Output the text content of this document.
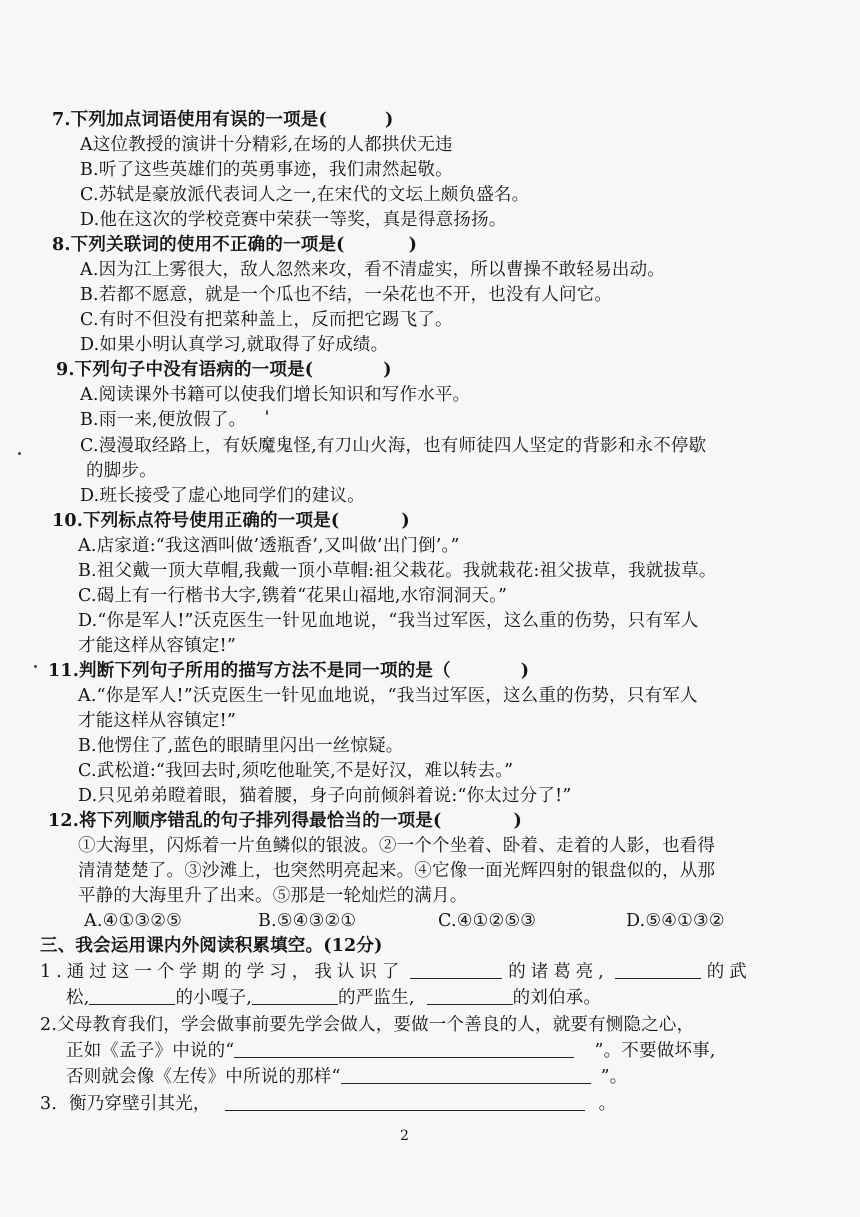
7.下列加点词语使用有误的一项是(	)
A这位教授的演讲十分精彩,在场的人都拱伏无违
B.听了这些英雄们的英勇事迹，我们肃然起敬。
C.苏轼是豪放派代表词人之一,在宋代的文坛上颇负盛名。
D.他在这次的学校竞赛中荣获一等奖，真是得意扬扬。
8.下列关联词的使用不正确的一项是(	)
A.因为江上雾很大，敌人忽然来攻，看不清虚实，所以曹操不敢轻易出动。
B.若都不愿意，就是一个瓜也不结，一朵花也不开，也没有人问它。
C.有时不但没有把菜种盖上，反而把它踢飞了。
D.如果小明认真学习,就取得了好成绩。
9.下列句子中没有语病的一项是(	)
A.阅读课外书籍可以使我们增长知识和写作水平。
B.雨一来,便放假了。
C.漫漫取经路上，有妖魔鬼怪,有刀山火海，也有师徒四人坚定的背影和永不停歇
的脚步。
D.班长接受了虚心地同学们的建议。
10.下列标点符号使用正确的一项是(	)
A.店家道:“我这酒叫做’透瓶香’,又叫做’出门倒’。”
B.祖父戴一顶大草帽,我戴一顶小草帽:祖父栽花。我就栽花:祖父拔草，我就拔草。
C.碣上有一行楷书大字,镌着“花果山福地,水帘洞洞天。”
D.“你是军人!”沃克医生一针见血地说，“我当过军医，这么重的伤势，只有军人
才能这样从容镇定!”
11.判断下列句子所用的描写方法不是同一项的是（	)
A.“你是军人!”沃克医生一针见血地说，“我当过军医，这么重的伤势，只有军人
才能这样从容镇定!”
B.他愣住了,蓝色的眼睛里闪出一丝惊疑。
C.武松道:“我回去时,须吃他耻笑,不是好汉，难以转去。”
D.只见弟弟瞪着眼，猫着腰，身子向前倾斜着说:“你太过分了!”
12.将下列顺序错乱的句子排列得最恰当的一项是(	)
①大海里，闪烁着一片鱼鳞似的银波。②一个个坐着、卧着、走着的人影，也看得
清清楚楚了。③沙滩上，也突然明亮起来。④它像一面光辉四射的银盘似的，从那
平静的大海里升了出来。⑤那是一轮灿烂的满月。
A.④①③②⑤	B.⑤④③②①	C.④①②⑤③	D.⑤④①③②
三、我会运用课内外阅读积累填空。(12分)
1.通过这一个学期的学习，我认识了	的诸葛亮,	的武
松,	的小嘎子,	的严监生,	的刘伯承。
2.父母教育我们，学会做事前要先学会做人，要做一个善良的人，就要有恻隐之心，
正如《孟子》中说的“	”。不要做坏事,
否则就会像《左传》中所说的那样“	”。
3．衡乃穿壁引其光，	。
2
